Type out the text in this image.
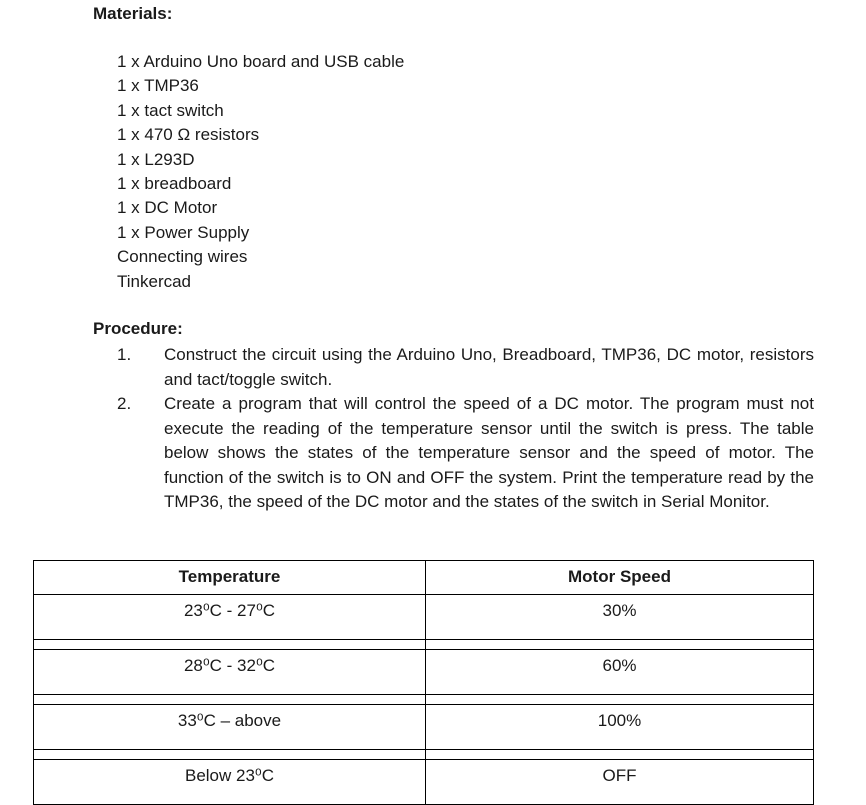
Materials:
1 x Arduino Uno board and USB cable
1 x TMP36
1 x tact switch
1 x 470 Ω resistors
1 x L293D
1 x breadboard
1 x DC Motor
1 x Power Supply
Connecting wires
Tinkercad
Procedure:
1. Construct the circuit using the Arduino Uno, Breadboard, TMP36, DC motor, resistors and tact/toggle switch.
2. Create a program that will control the speed of a DC motor. The program must not execute the reading of the temperature sensor until the switch is press. The table below shows the states of the temperature sensor and the speed of motor. The function of the switch is to ON and OFF the system. Print the temperature read by the TMP36, the speed of the DC motor and the states of the switch in Serial Monitor.
Temperature	Motor Speed
23⁰C - 27⁰C	30%

28⁰C - 32⁰C	60%

33⁰C – above	100%

Below 23⁰C	OFF
